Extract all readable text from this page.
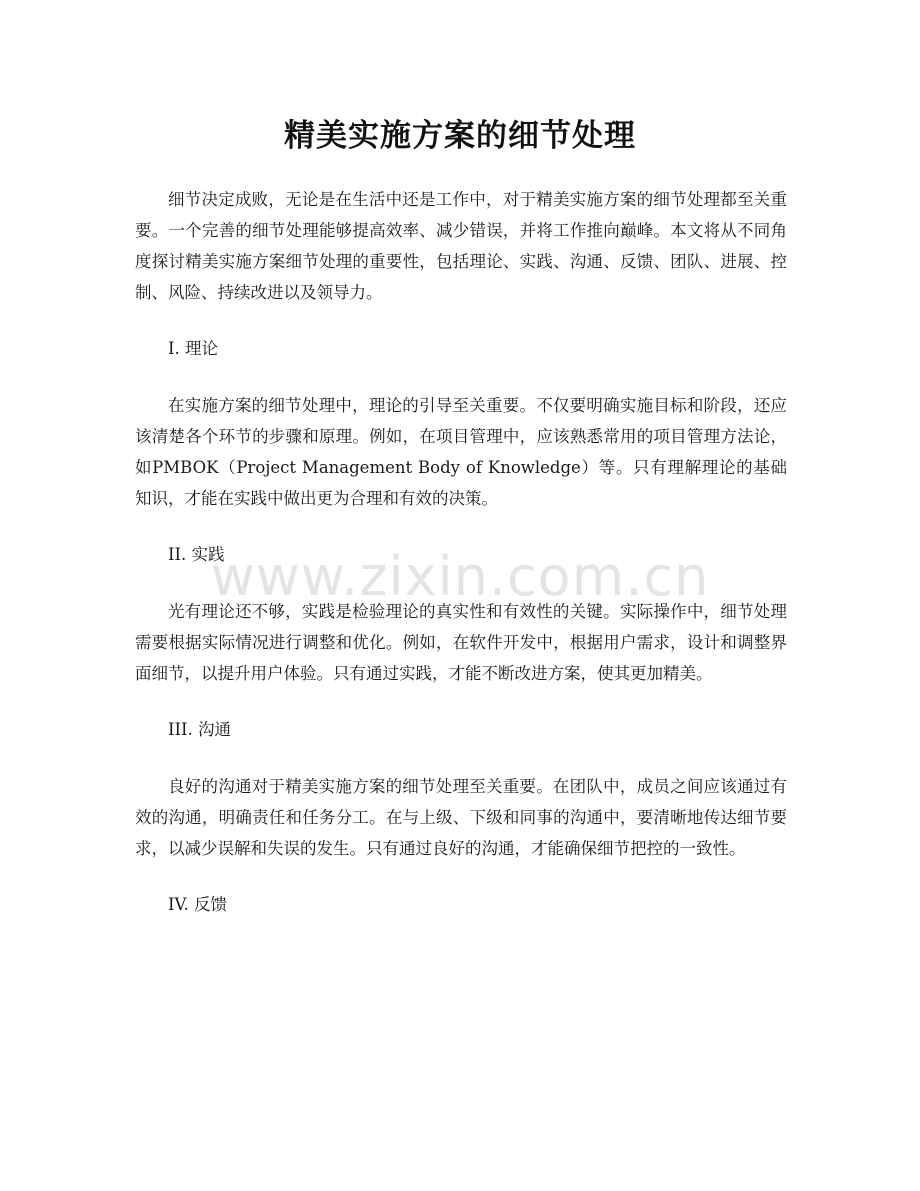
精美实施方案的细节处理

细节决定成败，无论是在生活中还是工作中，对于精美实施方案的细节处理都至关重要。一个完善的细节处理能够提高效率、减少错误，并将工作推向巅峰。本文将从不同角度探讨精美实施方案细节处理的重要性，包括理论、实践、沟通、反馈、团队、进展、控制、风险、持续改进以及领导力。

I. 理论

在实施方案的细节处理中，理论的引导至关重要。不仅要明确实施目标和阶段，还应该清楚各个环节的步骤和原理。例如，在项目管理中，应该熟悉常用的项目管理方法论，如PMBOK（Project Management Body of Knowledge）等。只有理解理论的基础知识，才能在实践中做出更为合理和有效的决策。

II. 实践

光有理论还不够，实践是检验理论的真实性和有效性的关键。实际操作中，细节处理需要根据实际情况进行调整和优化。例如，在软件开发中，根据用户需求，设计和调整界面细节，以提升用户体验。只有通过实践，才能不断改进方案，使其更加精美。

III. 沟通

良好的沟通对于精美实施方案的细节处理至关重要。在团队中，成员之间应该通过有效的沟通，明确责任和任务分工。在与上级、下级和同事的沟通中，要清晰地传达细节要求，以减少误解和失误的发生。只有通过良好的沟通，才能确保细节把控的一致性。

IV. 反馈

www.zixin.com.cn
